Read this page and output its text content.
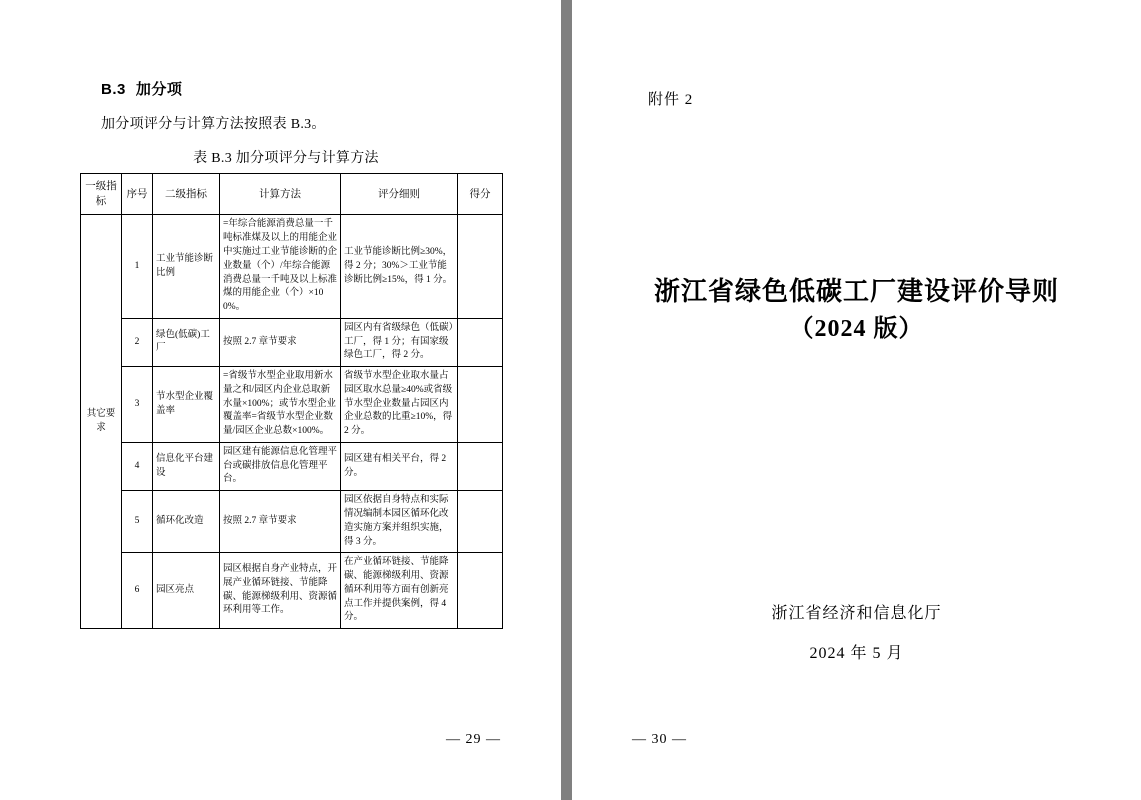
B.3 加分项

加分项评分与计算方法按照表 B.3。

表 B.3 加分项评分与计算方法

一级指标	序号	二级指标	计算方法	评分细则	得分
其它要求	1	工业节能诊断比例	=年综合能源消费总量一千吨标准煤及以上的用能企业中实施过工业节能诊断的企业数量（个）/年综合能源消费总量一千吨及以上标准煤的用能企业（个）×100%。	工业节能诊断比例≥30%，得 2 分；30%＞工业节能诊断比例≥15%，得 1 分。	
	2	绿色(低碳)工厂	按照 2.7 章节要求	园区内有省级绿色（低碳）工厂，得 1 分；有国家级绿色工厂，得 2 分。	
	3	节水型企业覆盖率	=省级节水型企业取用新水量之和/园区内企业总取新水量×100%；或节水型企业覆盖率=省级节水型企业数量/园区企业总数×100%。	省级节水型企业取水量占园区取水总量≥40%或省级节水型企业数量占园区内企业总数的比重≥10%，得 2 分。	
	4	信息化平台建设	园区建有能源信息化管理平台或碳排放信息化管理平台。	园区建有相关平台，得 2 分。	
	5	循环化改造	按照 2.7 章节要求	园区依据自身特点和实际情况编制本园区循环化改造实施方案并组织实施，得 3 分。	
	6	园区亮点	园区根据自身产业特点，开展产业循环链接、节能降碳、能源梯级利用、资源循环利用等工作。	在产业循环链接、节能降碳、能源梯级利用、资源循环利用等方面有创新亮点工作并提供案例，得 4 分。	
— 29 —
附件 2
浙江省绿色低碳工厂建设评价导则
（2024 版）
浙江省经济和信息化厅
2024 年 5 月
— 30 —
